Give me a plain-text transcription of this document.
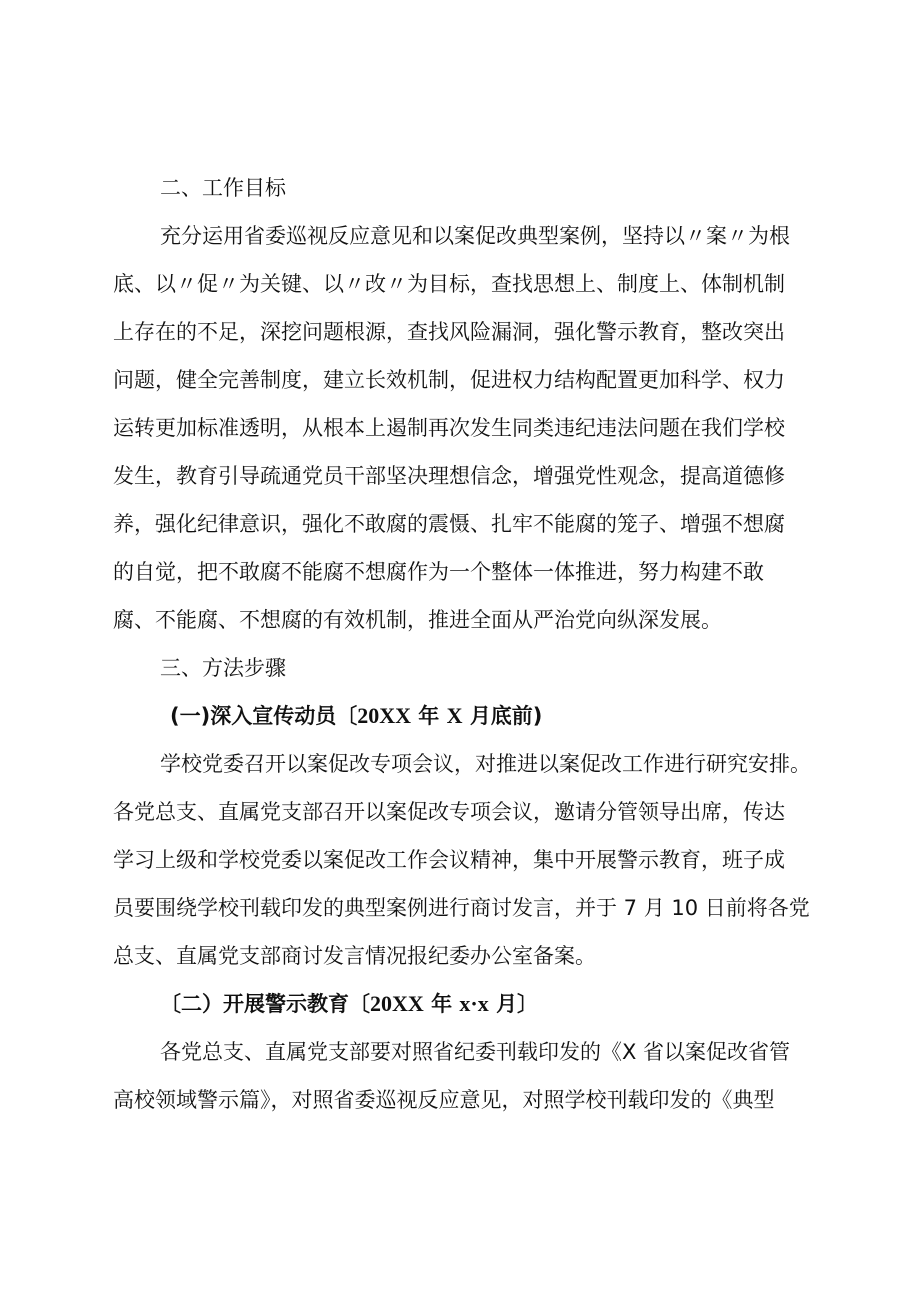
二、工作目标
充分运用省委巡视反应意见和以案促改典型案例，坚持以〃案〃为根
底、以〃促〃为关键、以〃改〃为目标，查找思想上、制度上、体制机制
上存在的不足，深挖问题根源，查找风险漏洞，强化警示教育，整改突出
问题，健全完善制度，建立长效机制，促进权力结构配置更加科学、权力
运转更加标准透明，从根本上遏制再次发生同类违纪违法问题在我们学校
发生，教育引导疏通党员干部坚决理想信念，增强党性观念，提高道德修
养，强化纪律意识，强化不敢腐的震慑、扎牢不能腐的笼子、增强不想腐
的自觉，把不敢腐不能腐不想腐作为一个整体一体推进，努力构建不敢
腐、不能腐、不想腐的有效机制，推进全面从严治党向纵深发展。
三、方法步骤
(一)深入宣传动员〔20XX 年 X 月底前)
学校党委召开以案促改专项会议，对推进以案促改工作进行研究安排。
各党总支、直属党支部召开以案促改专项会议，邀请分管领导出席，传达
学习上级和学校党委以案促改工作会议精神，集中开展警示教育，班子成
员要围绕学校刊载印发的典型案例进行商讨发言，并于 7 月 10 日前将各党
总支、直属党支部商讨发言情况报纪委办公室备案。
〔二）开展警示教育〔20XX 年 x·x 月〕
各党总支、直属党支部要对照省纪委刊载印发的《X 省以案促改省管
高校领域警示篇》，对照省委巡视反应意见，对照学校刊载印发的《典型
